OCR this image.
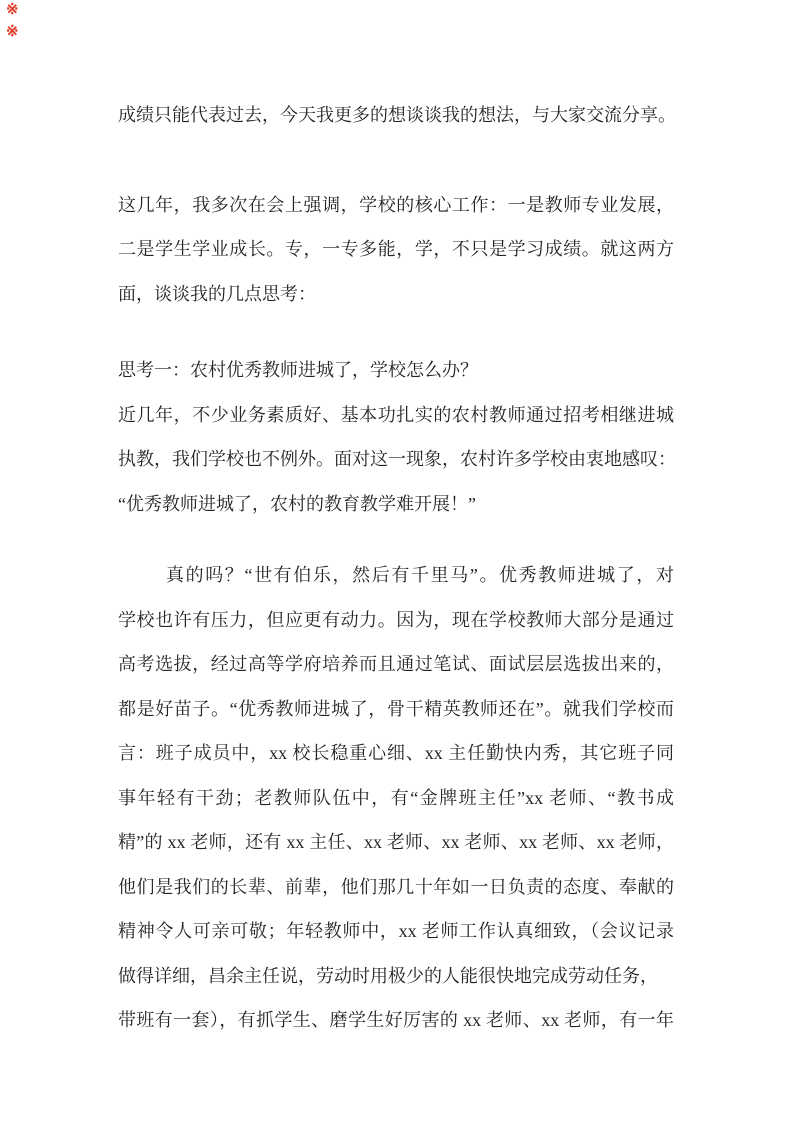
※
※
成绩只能代表过去，今天我更多的想谈谈我的想法，与大家交流分享。
这几年，我多次在会上强调，学校的核心工作：一是教师专业发展，
二是学生学业成长。专，一专多能，学，不只是学习成绩。就这两方
面，谈谈我的几点思考：
思考一：农村优秀教师进城了，学校怎么办？
近几年，不少业务素质好、基本功扎实的农村教师通过招考相继进城
执教，我们学校也不例外。面对这一现象，农村许多学校由衷地感叹：
“优秀教师进城了，农村的教育教学难开展！”
真的吗？“世有伯乐，然后有千里马”。优秀教师进城了，对
学校也许有压力，但应更有动力。因为，现在学校教师大部分是通过
高考选拔，经过高等学府培养而且通过笔试、面试层层选拔出来的，
都是好苗子。“优秀教师进城了，骨干精英教师还在”。就我们学校而
言：班子成员中，xx 校长稳重心细、xx 主任勤快内秀，其它班子同
事年轻有干劲；老教师队伍中，有“金牌班主任”xx 老师、“教书成
精”的 xx 老师，还有 xx 主任、xx 老师、xx 老师、xx 老师、xx 老师，
他们是我们的长辈、前辈，他们那几十年如一日负责的态度、奉献的
精神令人可亲可敬；年轻教师中，xx 老师工作认真细致，（会议记录
做得详细，昌余主任说，劳动时用极少的人能很快地完成劳动任务，
带班有一套），有抓学生、磨学生好厉害的 xx 老师、xx 老师，有一年
